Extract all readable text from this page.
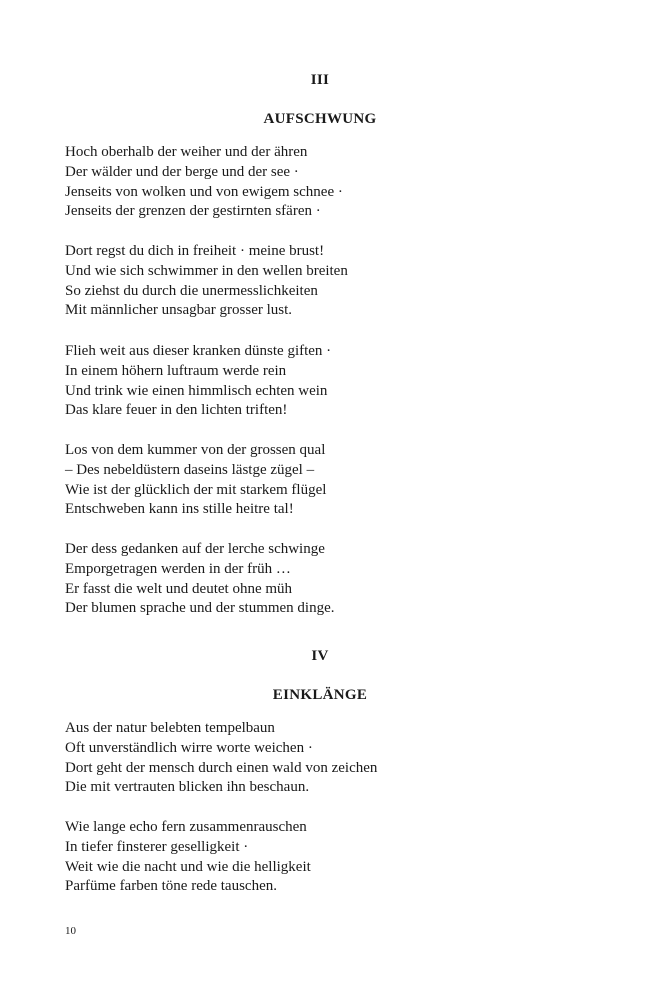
III
AUFSCHWUNG
Hoch oberhalb der weiher und der ähren
Der wälder und der berge und der see ·
Jenseits von wolken und von ewigem schnee ·
Jenseits der grenzen der gestirnten sfären ·
Dort regst du dich in freiheit · meine brust!
Und wie sich schwimmer in den wellen breiten
So ziehst du durch die unermesslichkeiten
Mit männlicher unsagbar grosser lust.
Flieh weit aus dieser kranken dünste giften ·
In einem höhern luftraum werde rein
Und trink wie einen himmlisch echten wein
Das klare feuer in den lichten triften!
Los von dem kummer von der grossen qual
– Des nebeldüstern daseins lästge zügel –
Wie ist der glücklich der mit starkem flügel
Entschweben kann ins stille heitre tal!
Der dess gedanken auf der lerche schwinge
Emporgetragen werden in der früh …
Er fasst die welt und deutet ohne müh
Der blumen sprache und der stummen dinge.
IV
EINKLÄNGE
Aus der natur belebten tempelbaun
Oft unverständlich wirre worte weichen ·
Dort geht der mensch durch einen wald von zeichen
Die mit vertrauten blicken ihn beschaun.
Wie lange echo fern zusammenrauschen
In tiefer finsterer geselligkeit ·
Weit wie die nacht und wie die helligkeit
Parfüme farben töne rede tauschen.
10
